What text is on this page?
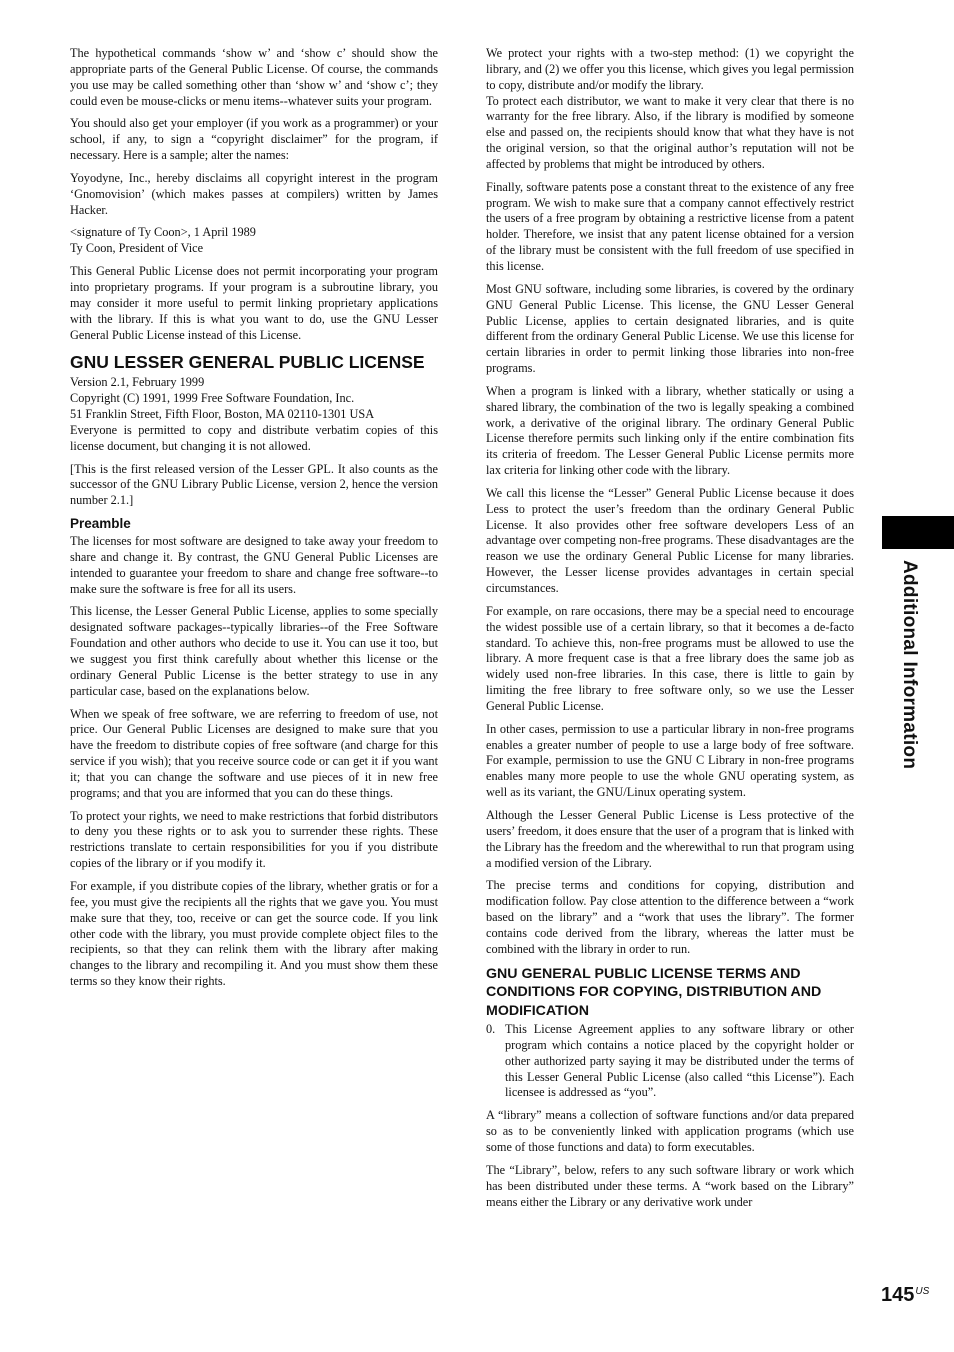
The hypothetical commands ‘show w’ and ‘show c’ should show the appropriate parts of the General Public License. Of course, the commands you use may be called something other than ‘show w’ and ‘show c’; they could even be mouse-clicks or menu items--whatever suits your program.

You should also get your employer (if you work as a programmer) or your school, if any, to sign a “copyright disclaimer” for the program, if necessary. Here is a sample; alter the names:

Yoyodyne, Inc., hereby disclaims all copyright interest in the program ‘Gnomovision’ (which makes passes at compilers) written by James Hacker.

<signature of Ty Coon>, 1 April 1989

Ty Coon, President of Vice

This General Public License does not permit incorporating your program into proprietary programs. If your program is a subroutine library, you may consider it more useful to permit linking proprietary applications with the library. If this is what you want to do, use the GNU Lesser General Public License instead of this License.

GNU LESSER GENERAL PUBLIC LICENSE

Version 2.1, February 1999

Copyright (C) 1991, 1999 Free Software Foundation, Inc.

51 Franklin Street, Fifth Floor, Boston, MA 02110-1301 USA

Everyone is permitted to copy and distribute verbatim copies of this license document, but changing it is not allowed.

[This is the first released version of the Lesser GPL. It also counts as the successor of the GNU Library Public License, version 2, hence the version number 2.1.]

Preamble

The licenses for most software are designed to take away your freedom to share and change it. By contrast, the GNU General Public Licenses are intended to guarantee your freedom to share and change free software--to make sure the software is free for all its users.

This license, the Lesser General Public License, applies to some specially designated software packages--typically libraries--of the Free Software Foundation and other authors who decide to use it. You can use it too, but we suggest you first think carefully about whether this license or the ordinary General Public License is the better strategy to use in any particular case, based on the explanations below.

When we speak of free software, we are referring to freedom of use, not price. Our General Public Licenses are designed to make sure that you have the freedom to distribute copies of free software (and charge for this service if you wish); that you receive source code or can get it if you want it; that you can change the software and use pieces of it in new free programs; and that you are informed that you can do these things.

To protect your rights, we need to make restrictions that forbid distributors to deny you these rights or to ask you to surrender these rights. These restrictions translate to certain responsibilities for you if you distribute copies of the library or if you modify it.

For example, if you distribute copies of the library, whether gratis or for a fee, you must give the recipients all the rights that we gave you. You must make sure that they, too, receive or can get the source code. If you link other code with the library, you must provide complete object files to the recipients, so that they can relink them with the library after making changes to the library and recompiling it. And you must show them these terms so they know their rights.

We protect your rights with a two-step method: (1) we copyright the library, and (2) we offer you this license, which gives you legal permission to copy, distribute and/or modify the library.

To protect each distributor, we want to make it very clear that there is no warranty for the free library. Also, if the library is modified by someone else and passed on, the recipients should know that what they have is not the original version, so that the original author’s reputation will not be affected by problems that might be introduced by others.

Finally, software patents pose a constant threat to the existence of any free program. We wish to make sure that a company cannot effectively restrict the users of a free program by obtaining a restrictive license from a patent holder. Therefore, we insist that any patent license obtained for a version of the library must be consistent with the full freedom of use specified in this license.

Most GNU software, including some libraries, is covered by the ordinary GNU General Public License. This license, the GNU Lesser General Public License, applies to certain designated libraries, and is quite different from the ordinary General Public License. We use this license for certain libraries in order to permit linking those libraries into non-free programs.

When a program is linked with a library, whether statically or using a shared library, the combination of the two is legally speaking a combined work, a derivative of the original library. The ordinary General Public License therefore permits such linking only if the entire combination fits its criteria of freedom. The Lesser General Public License permits more lax criteria for linking other code with the library.

We call this license the “Lesser” General Public License because it does Less to protect the user’s freedom than the ordinary General Public License. It also provides other free software developers Less of an advantage over competing non-free programs. These disadvantages are the reason we use the ordinary General Public License for many libraries. However, the Lesser license provides advantages in certain special circumstances.

For example, on rare occasions, there may be a special need to encourage the widest possible use of a certain library, so that it becomes a de-facto standard. To achieve this, non-free programs must be allowed to use the library. A more frequent case is that a free library does the same job as widely used non-free libraries. In this case, there is little to gain by limiting the free library to free software only, so we use the Lesser General Public License.

In other cases, permission to use a particular library in non-free programs enables a greater number of people to use a large body of free software. For example, permission to use the GNU C Library in non-free programs enables many more people to use the whole GNU operating system, as well as its variant, the GNU/Linux operating system.

Although the Lesser General Public License is Less protective of the users’ freedom, it does ensure that the user of a program that is linked with the Library has the freedom and the wherewithal to run that program using a modified version of the Library.

The precise terms and conditions for copying, distribution and modification follow. Pay close attention to the difference between a “work based on the library” and a “work that uses the library”. The former contains code derived from the library, whereas the latter must be combined with the library in order to run.

GNU GENERAL PUBLIC LICENSE TERMS AND CONDITIONS FOR COPYING, DISTRIBUTION AND MODIFICATION
0. This License Agreement applies to any software library or other program which contains a notice placed by the copyright holder or other authorized party saying it may be distributed under the terms of this Lesser General Public License (also called “this License”). Each licensee is addressed as “you”.

A “library” means a collection of software functions and/or data prepared so as to be conveniently linked with application programs (which use some of those functions and data) to form executables.

The “Library”, below, refers to any such software library or work which has been distributed under these terms. A “work based on the Library” means either the Library or any derivative work under

Additional Information
$145^{US}$
